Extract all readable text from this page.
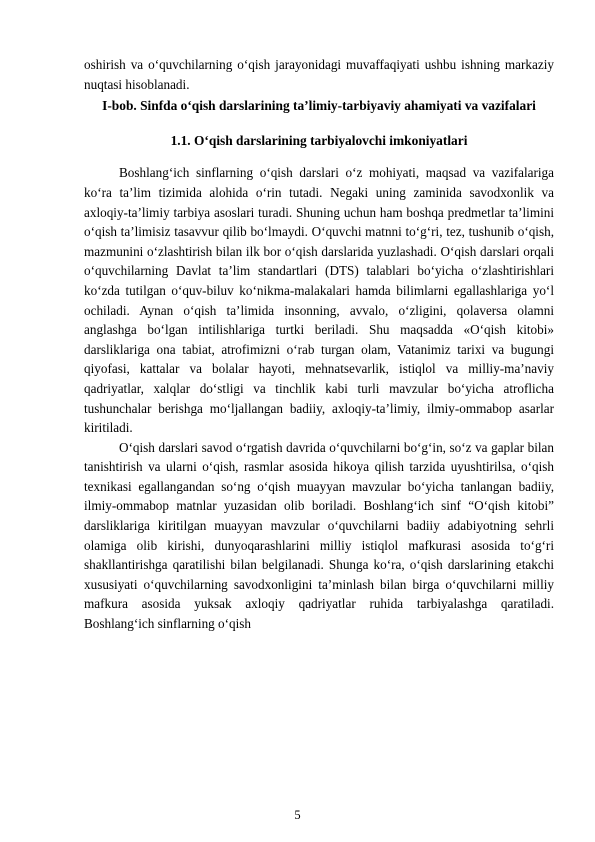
oshirish va o‘quvchilarning o‘qish jarayonidagi muvaffaqiyati ushbu ishning markaziy nuqtasi hisoblanadi.

I-bob. Sinfda o‘qish darslarining ta’limiy-tarbiyaviy ahamiyati va vazifalari
1.1. O‘qish darslarining tarbiyalovchi imkoniyatlari

Boshlang‘ich sinflarning o‘qish darslari o‘z mohiyati, maqsad va vazifalariga ko‘ra ta’lim tizimida alohida o‘rin tutadi. Negaki uning zaminida savodxonlik va axloqiy-ta’limiy tarbiya asoslari turadi. Shuning uchun ham boshqa predmetlar ta’limini o‘qish ta’limisiz tasavvur qilib bo‘lmaydi. O‘quvchi matnni to‘g‘ri, tez, tushunib o‘qish, mazmunini o‘zlashtirish bilan ilk bor o‘qish darslarida yuzlashadi. O‘qish darslari orqali o‘quvchilarning Davlat ta’lim standartlari (DTS) talablari bo‘yicha o‘zlashtirishlari ko‘zda tutilgan o‘quv-biluv ko‘nikma-malakalari hamda bilimlarni egallashlariga yo‘l ochiladi. Aynan o‘qish ta’limida insonning, avvalo, o‘zligini, qolaversa olamni anglashga bo‘lgan intilishlariga turtki beriladi. Shu maqsadda «O‘qish kitobi» darsliklariga ona tabiat, atrofimizni o‘rab turgan olam, Vatanimiz tarixi va bugungi qiyofasi, kattalar va bolalar hayoti, mehnatsevarlik, istiqlol va milliy-ma’naviy qadriyatlar, xalqlar do‘stligi va tinchlik kabi turli mavzular bo‘yicha atroflicha tushunchalar berishga mo‘ljallangan badiiy, axloqiy-ta’limiy, ilmiy-ommabop asarlar kiritiladi.

O‘qish darslari savod o‘rgatish davrida o‘quvchilarni bo‘g‘in, so‘z va gaplar bilan tanishtirish va ularni o‘qish, rasmlar asosida hikoya qilish tarzida uyushtirilsa, o‘qish texnikasi egallangandan so‘ng o‘qish muayyan mavzular bo‘yicha tanlangan badiiy, ilmiy-ommabop matnlar yuzasidan olib boriladi. Boshlang‘ich sinf “O‘qish kitobi” darsliklariga kiritilgan muayyan mavzular o‘quvchilarni badiiy adabiyotning sehrli olamiga olib kirishi, dunyoqarashlarini milliy istiqlol mafkurasi asosida to‘g‘ri shakllantirishga qaratilishi bilan belgilanadi. Shunga ko‘ra, o‘qish darslarining etakchi xususiyati o‘quvchilarning savodxonligini ta’minlash bilan birga o‘quvchilarni milliy mafkura asosida yuksak axloqiy qadriyatlar ruhida tarbiyalashga qaratiladi. Boshlang‘ich sinflarning o‘qish

5
